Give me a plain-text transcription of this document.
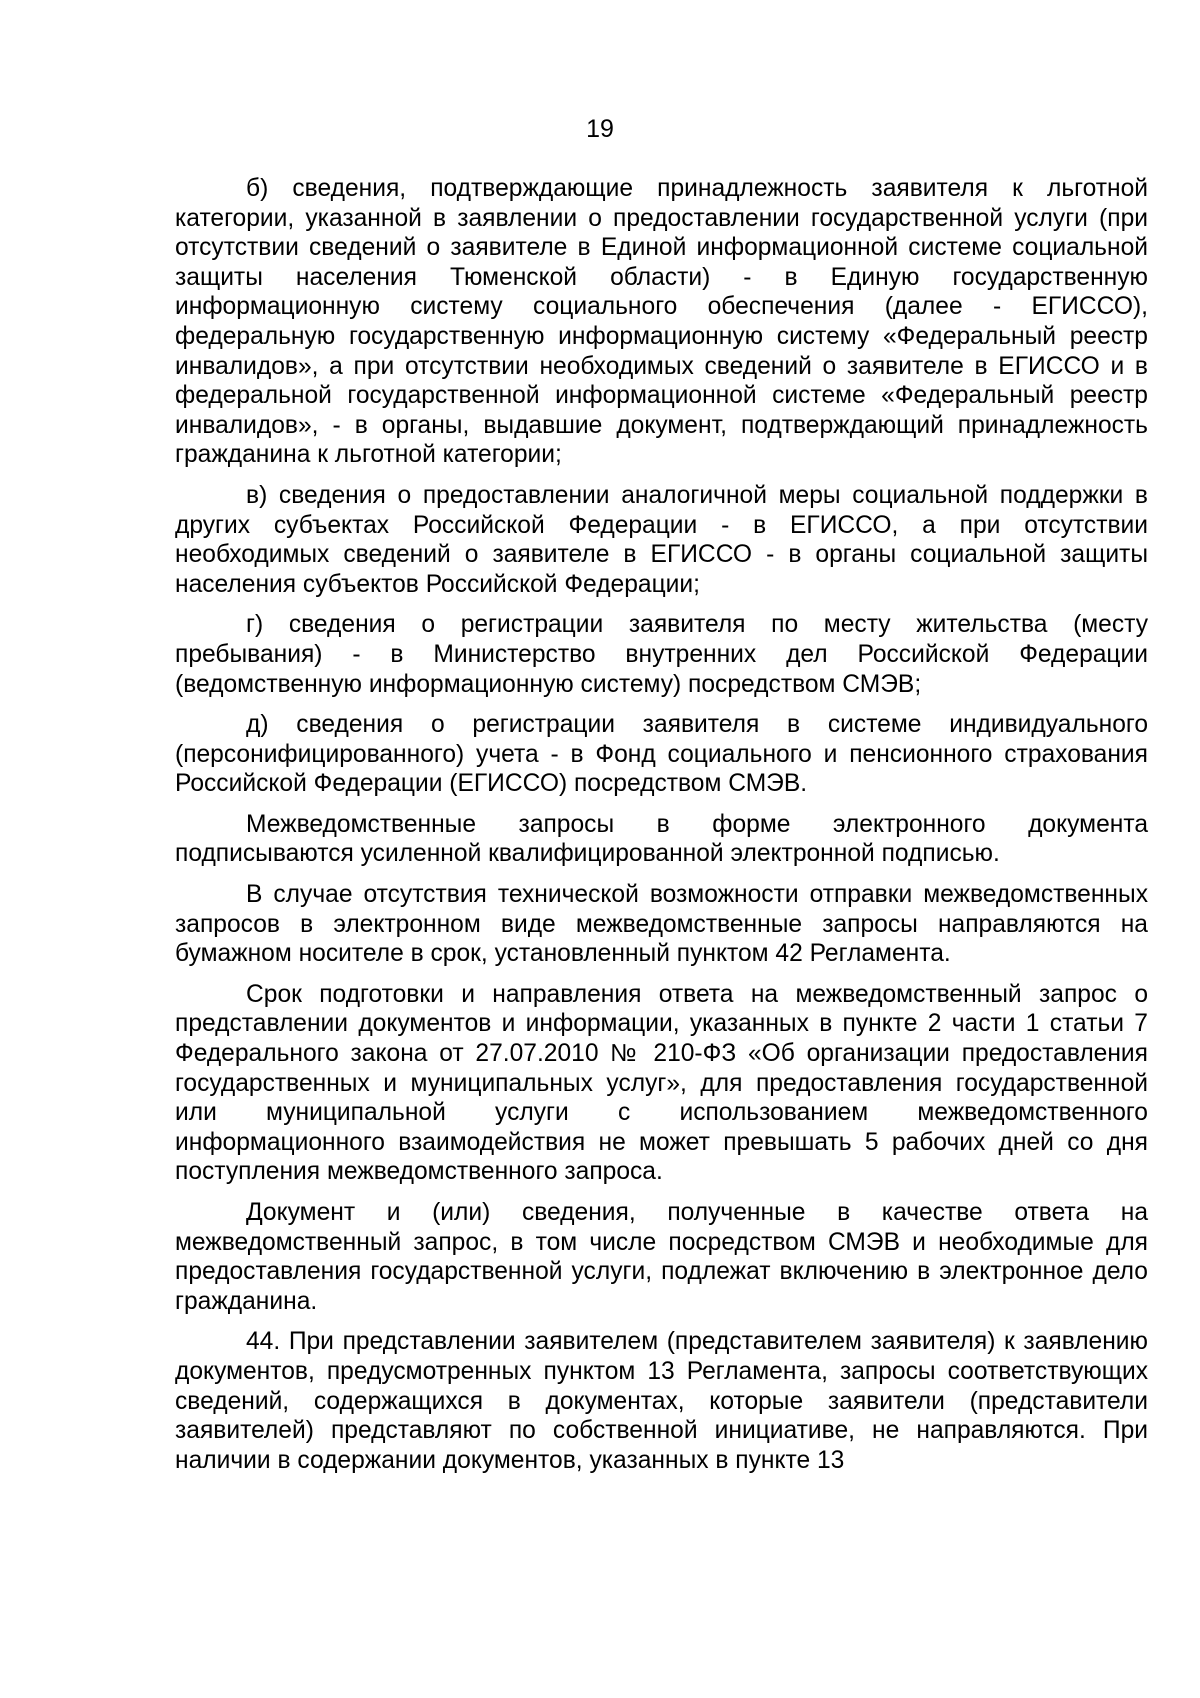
19

б) сведения, подтверждающие принадлежность заявителя к льготной категории, указанной в заявлении о предоставлении государственной услуги (при отсутствии сведений о заявителе в Единой информационной системе социальной защиты населения Тюменской области) - в Единую государственную информационную систему социального обеспечения (далее - ЕГИССО), федеральную государственную информационную систему «Федеральный реестр инвалидов», а при отсутствии необходимых сведений о заявителе в ЕГИССО и в федеральной государственной информационной системе «Федеральный реестр инвалидов», - в органы, выдавшие документ, подтверждающий принадлежность гражданина к льготной категории;

в) сведения о предоставлении аналогичной меры социальной поддержки в других субъектах Российской Федерации - в ЕГИССО, а при отсутствии необходимых сведений о заявителе в ЕГИССО - в органы социальной защиты населения субъектов Российской Федерации;

г) сведения о регистрации заявителя по месту жительства (месту пребывания) - в Министерство внутренних дел Российской Федерации (ведомственную информационную систему) посредством СМЭВ;

д) сведения о регистрации заявителя в системе индивидуального (персонифицированного) учета - в Фонд социального и пенсионного страхования Российской Федерации (ЕГИССО) посредством СМЭВ.

Межведомственные запросы в форме электронного документа подписываются усиленной квалифицированной электронной подписью.

В случае отсутствия технической возможности отправки межведомственных запросов в электронном виде межведомственные запросы направляются на бумажном носителе в срок, установленный пунктом 42 Регламента.

Срок подготовки и направления ответа на межведомственный запрос о представлении документов и информации, указанных в пункте 2 части 1 статьи 7 Федерального закона от 27.07.2010 № 210-ФЗ «Об организации предоставления государственных и муниципальных услуг», для предоставления государственной или муниципальной услуги с использованием межведомственного информационного взаимодействия не может превышать 5 рабочих дней со дня поступления межведомственного запроса.

Документ и (или) сведения, полученные в качестве ответа на межведомственный запрос, в том числе посредством СМЭВ и необходимые для предоставления государственной услуги, подлежат включению в электронное дело гражданина.

44. При представлении заявителем (представителем заявителя) к заявлению документов, предусмотренных пунктом 13 Регламента, запросы соответствующих сведений, содержащихся в документах, которые заявители (представители заявителей) представляют по собственной инициативе, не направляются. При наличии в содержании документов, указанных в пункте 13
